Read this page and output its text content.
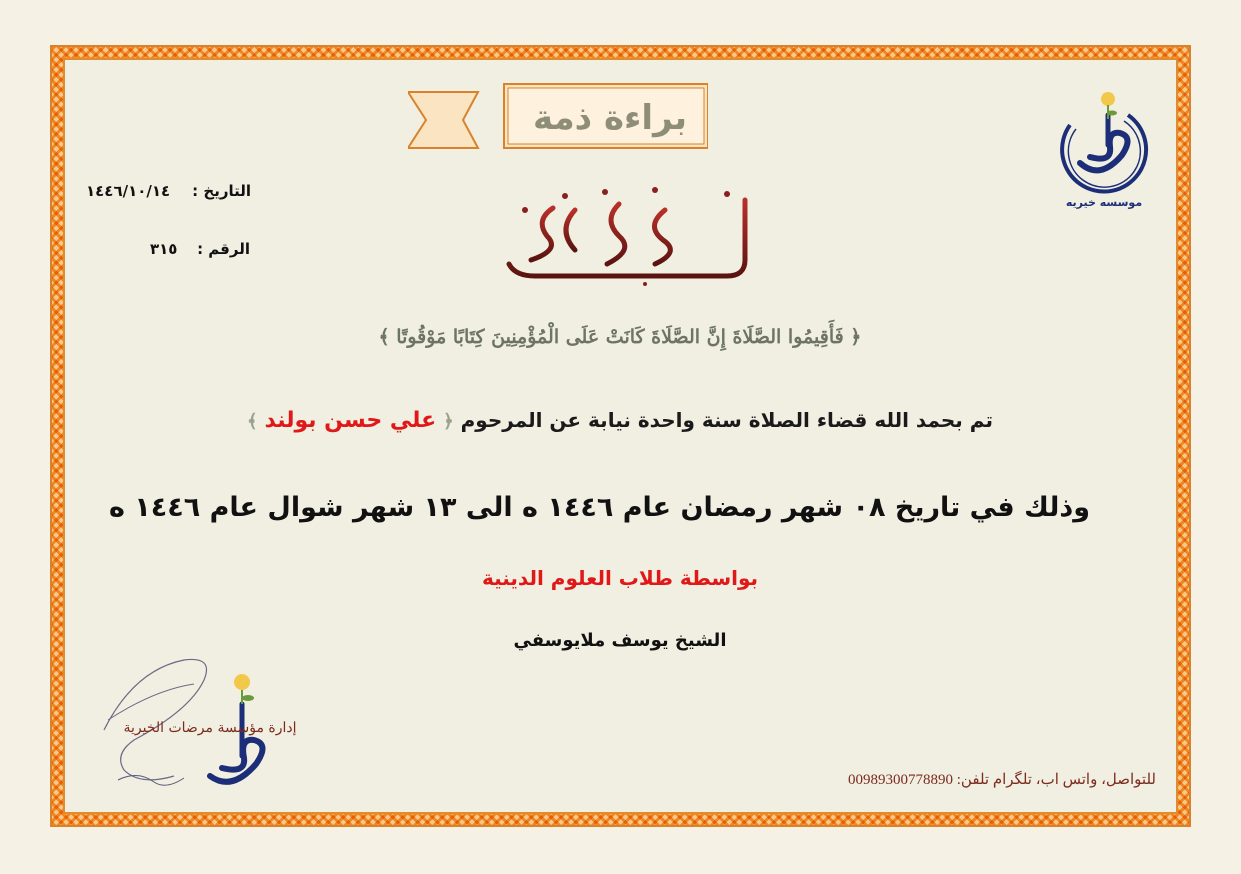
براءة ذمة
١٤٤٦/١٠/١٤ التاريخ :
٣١٥ الرقم :
﴿ فَأَقِيمُوا الصَّلَاةَ إِنَّ الصَّلَاةَ كَانَتْ عَلَى الْمُؤْمِنِينَ كِتَابًا مَوْقُوتًا ﴾
تم بحمد الله قضاء الصلاة سنة واحدة نيابة عن المرحوم ﴿ علي حسن بولند ﴾
وذلك في تاريخ ٠٨ شهر رمضان عام ١٤٤٦ ه الى ١٣ شهر شوال عام ١٤٤٦ ه
بواسطة طلاب العلوم الدينية
الشيخ يوسف ملايوسفي
موسسه خيريه
إدارة مؤسسة مرضات الخيرية
00989300778890 للتواصل، واتس اب، تلگرام تلفن:
